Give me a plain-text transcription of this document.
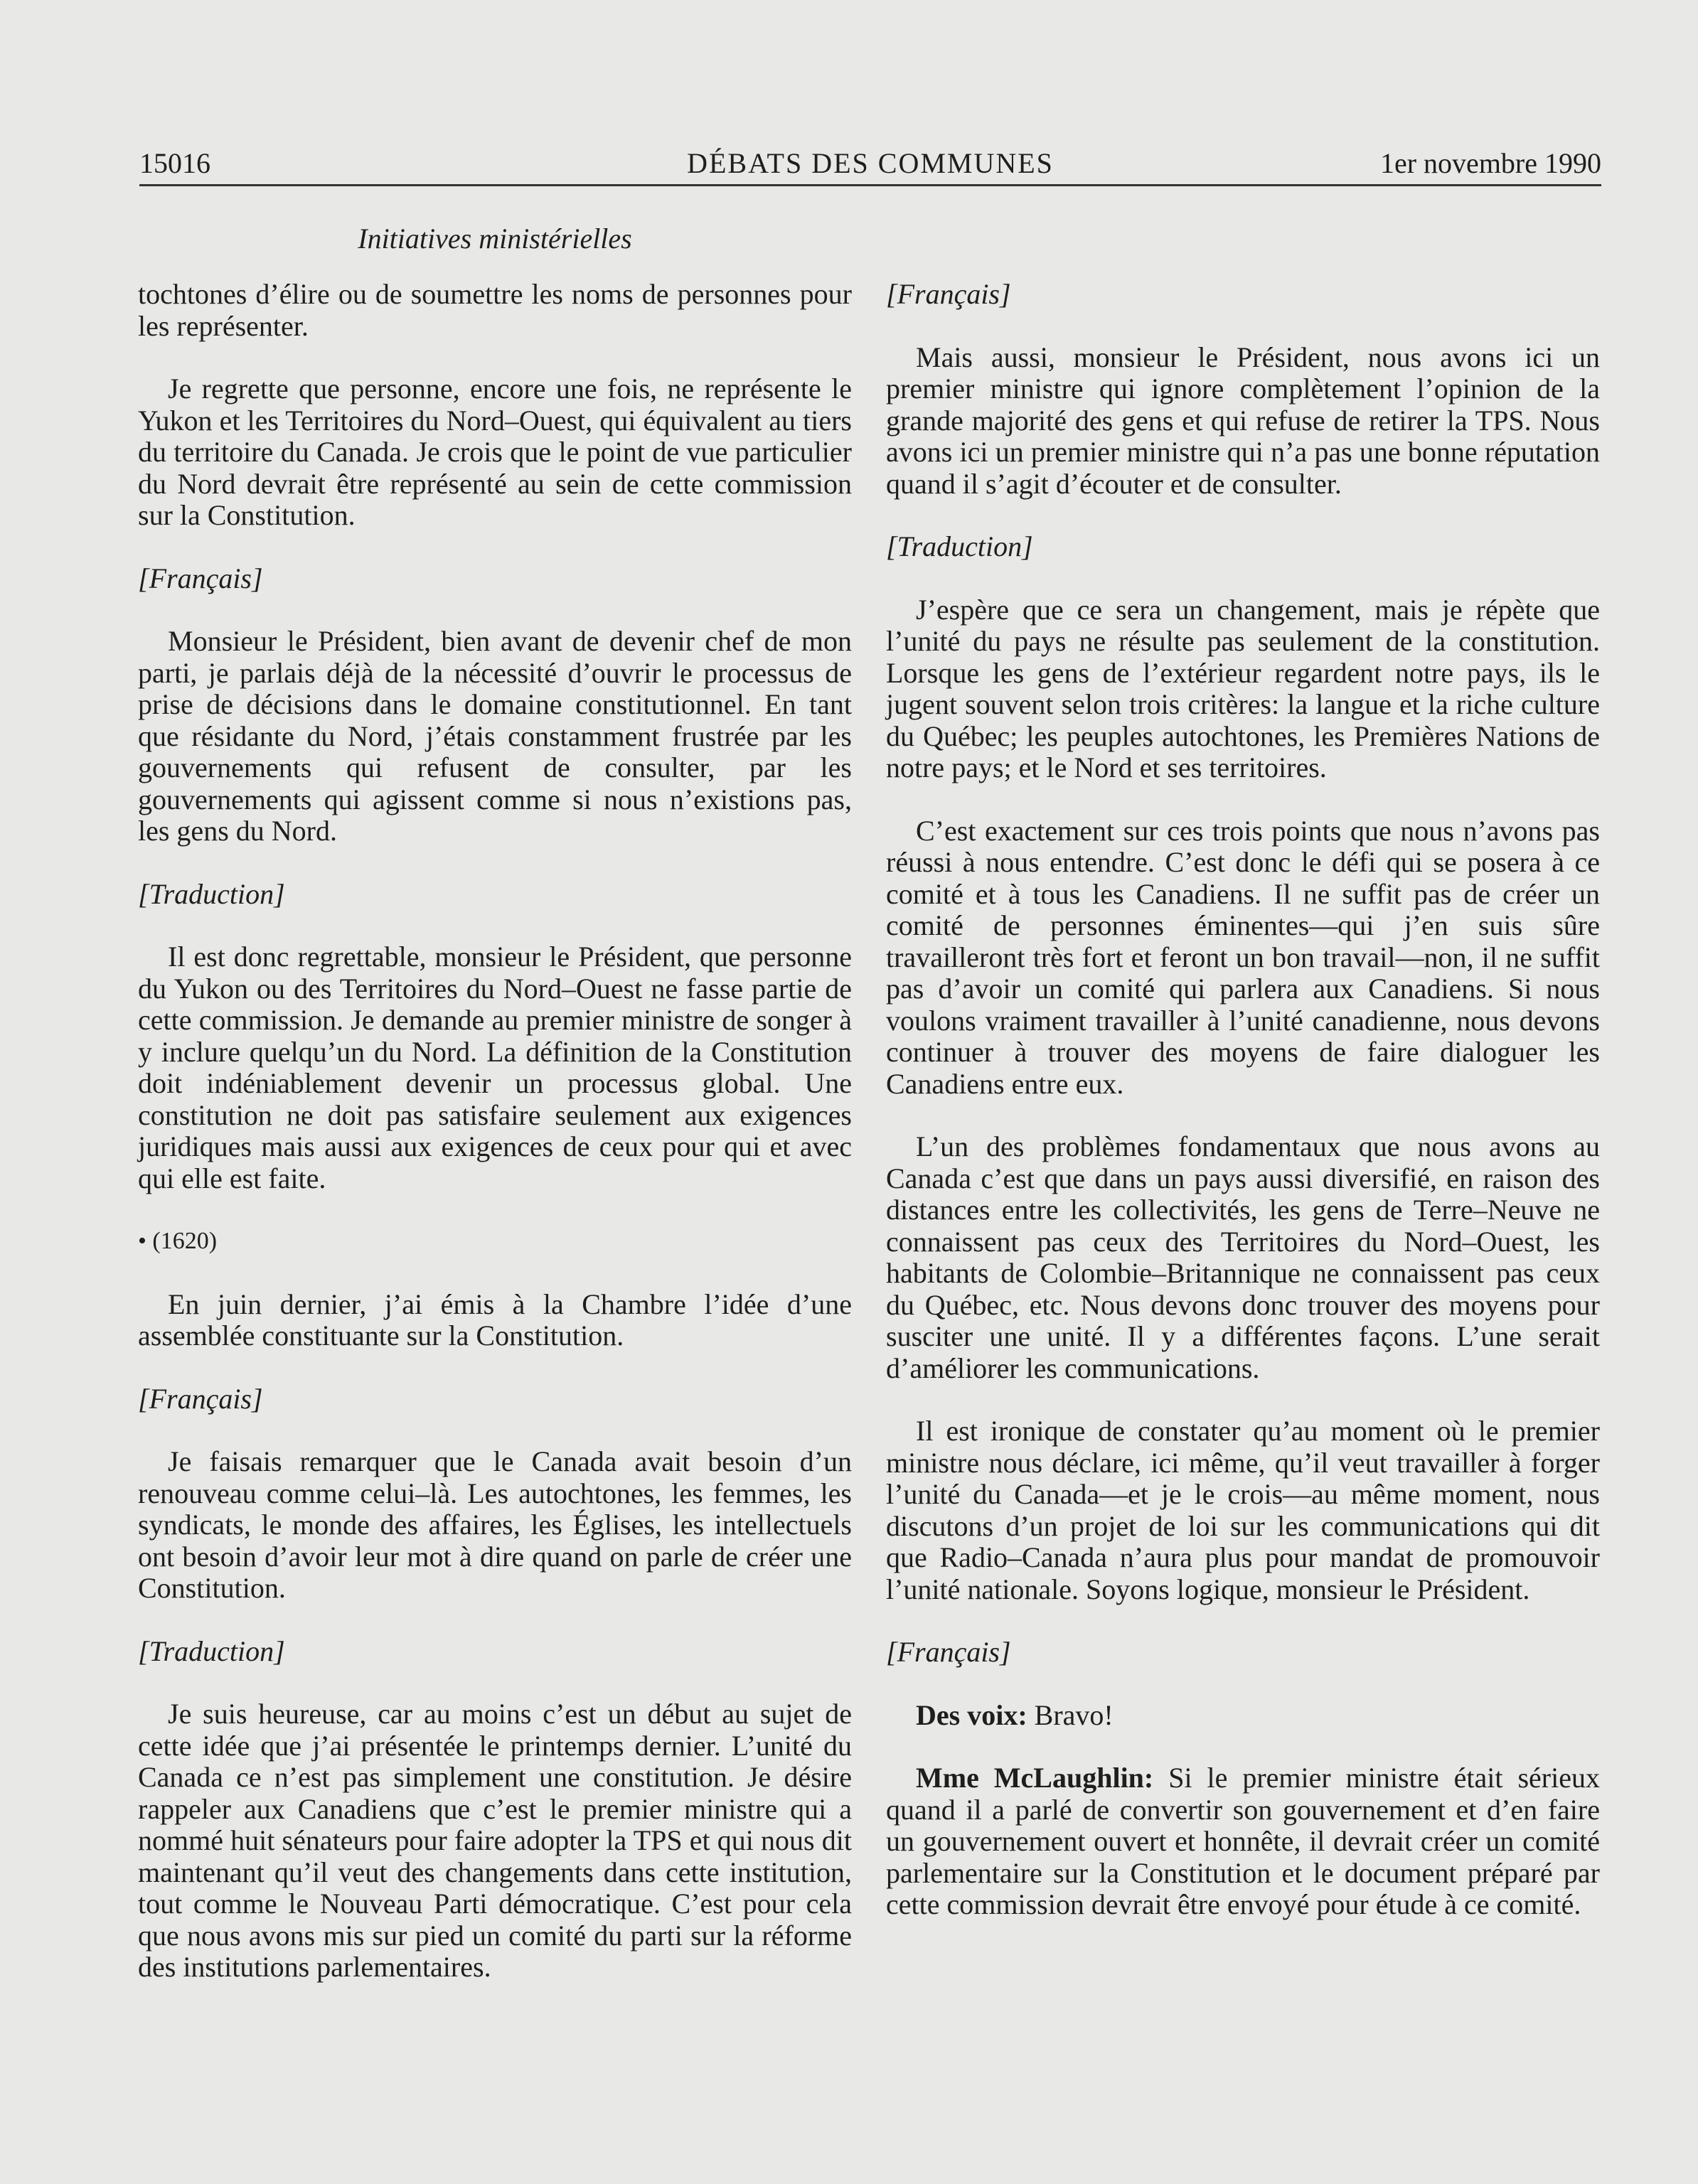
15016	DÉBATS DES COMMUNES	1er novembre 1990
Initiatives ministérielles

tochtones d’élire ou de soumettre les noms de personnes pour les représenter.

Je regrette que personne, encore une fois, ne représente le Yukon et les Territoires du Nord–Ouest, qui équivalent au tiers du territoire du Canada. Je crois que le point de vue particulier du Nord devrait être représenté au sein de cette commission sur la Constitution.

[Français]

Monsieur le Président, bien avant de devenir chef de mon parti, je parlais déjà de la nécessité d’ouvrir le processus de prise de décisions dans le domaine constitutionnel. En tant que résidante du Nord, j’étais constamment frustrée par les gouvernements qui refusent de consulter, par les gouvernements qui agissent comme si nous n’existions pas, les gens du Nord.

[Traduction]

Il est donc regrettable, monsieur le Président, que personne du Yukon ou des Territoires du Nord–Ouest ne fasse partie de cette commission. Je demande au premier ministre de songer à y inclure quelqu’un du Nord. La définition de la Constitution doit indéniablement devenir un processus global. Une constitution ne doit pas satisfaire seulement aux exigences juridiques mais aussi aux exigences de ceux pour qui et avec qui elle est faite.

• (1620)

En juin dernier, j’ai émis à la Chambre l’idée d’une assemblée constituante sur la Constitution.

[Français]

Je faisais remarquer que le Canada avait besoin d’un renouveau comme celui–là. Les autochtones, les femmes, les syndicats, le monde des affaires, les Églises, les intellectuels ont besoin d’avoir leur mot à dire quand on parle de créer une Constitution.

[Traduction]

Je suis heureuse, car au moins c’est un début au sujet de cette idée que j’ai présentée le printemps dernier. L’unité du Canada ce n’est pas simplement une constitution. Je désire rappeler aux Canadiens que c’est le premier ministre qui a nommé huit sénateurs pour faire adopter la TPS et qui nous dit maintenant qu’il veut des changements dans cette institution, tout comme le Nouveau Parti démocratique. C’est pour cela que nous avons mis sur pied un comité du parti sur la réforme des institutions parlementaires.

[Français]

Mais aussi, monsieur le Président, nous avons ici un premier ministre qui ignore complètement l’opinion de la grande majorité des gens et qui refuse de retirer la TPS. Nous avons ici un premier ministre qui n’a pas une bonne réputation quand il s’agit d’écouter et de consulter.

[Traduction]

J’espère que ce sera un changement, mais je répète que l’unité du pays ne résulte pas seulement de la constitution. Lorsque les gens de l’extérieur regardent notre pays, ils le jugent souvent selon trois critères: la langue et la riche culture du Québec; les peuples autochtones, les Premières Nations de notre pays; et le Nord et ses territoires.

C’est exactement sur ces trois points que nous n’avons pas réussi à nous entendre. C’est donc le défi qui se posera à ce comité et à tous les Canadiens. Il ne suffit pas de créer un comité de personnes éminentes—qui j’en suis sûre travailleront très fort et feront un bon travail—non, il ne suffit pas d’avoir un comité qui parlera aux Canadiens. Si nous voulons vraiment travailler à l’unité canadienne, nous devons continuer à trouver des moyens de faire dialoguer les Canadiens entre eux.

L’un des problèmes fondamentaux que nous avons au Canada c’est que dans un pays aussi diversifié, en raison des distances entre les collectivités, les gens de Terre–Neuve ne connaissent pas ceux des Territoires du Nord–Ouest, les habitants de Colombie–Britannique ne connaissent pas ceux du Québec, etc. Nous devons donc trouver des moyens pour susciter une unité. Il y a différentes façons. L’une serait d’améliorer les communications.

Il est ironique de constater qu’au moment où le premier ministre nous déclare, ici même, qu’il veut travailler à forger l’unité du Canada—et je le crois—au même moment, nous discutons d’un projet de loi sur les communications qui dit que Radio–Canada n’aura plus pour mandat de promouvoir l’unité nationale. Soyons logique, monsieur le Président.

[Français]

Des voix: Bravo!

Mme McLaughlin: Si le premier ministre était sérieux quand il a parlé de convertir son gouvernement et d’en faire un gouvernement ouvert et honnête, il devrait créer un comité parlementaire sur la Constitution et le document préparé par cette commission devrait être envoyé pour étude à ce comité.
